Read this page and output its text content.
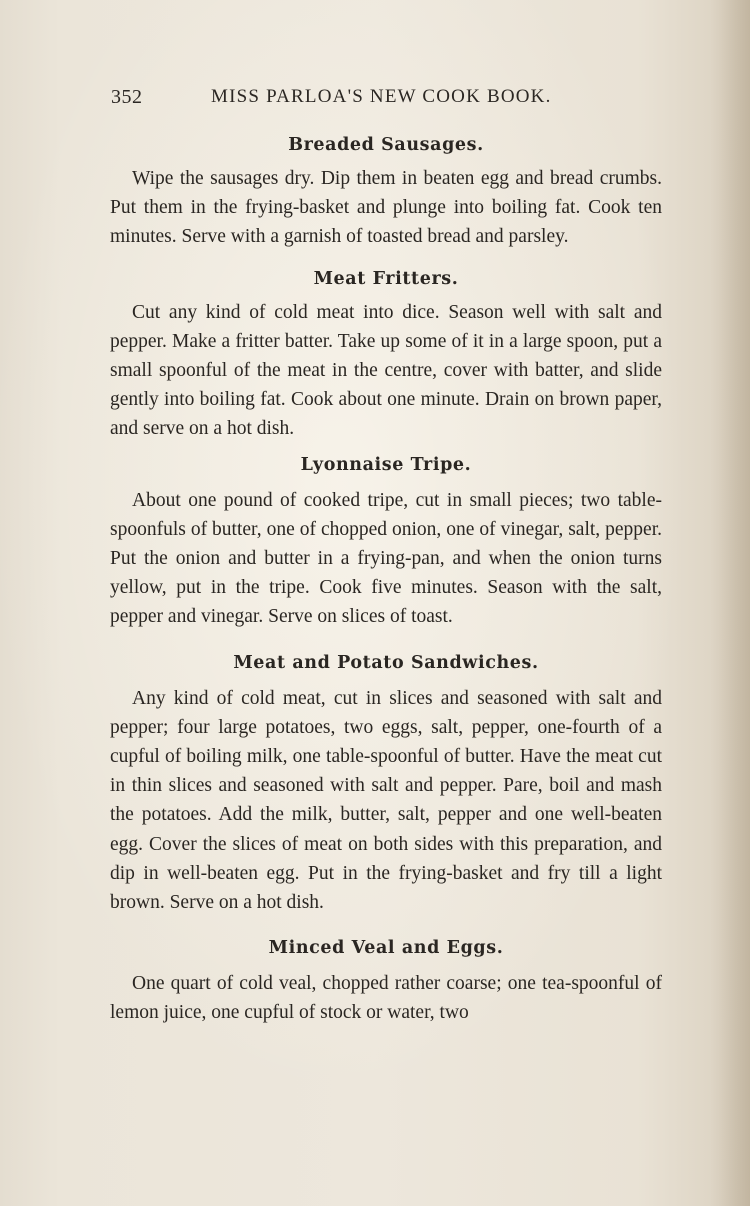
352	MISS PARLOA'S NEW COOK BOOK.
Breaded Sausages.

Wipe the sausages dry. Dip them in beaten egg and bread crumbs. Put them in the frying-basket and plunge into boiling fat. Cook ten minutes. Serve with a garnish of toasted bread and parsley.

Meat Fritters.

Cut any kind of cold meat into dice. Season well with salt and pepper. Make a fritter batter. Take up some of it in a large spoon, put a small spoonful of the meat in the centre, cover with batter, and slide gently into boiling fat. Cook about one minute. Drain on brown paper, and serve on a hot dish.

Lyonnaise Tripe.

About one pound of cooked tripe, cut in small pieces; two table-spoonfuls of butter, one of chopped onion, one of vinegar, salt, pepper. Put the onion and butter in a frying-pan, and when the onion turns yellow, put in the tripe. Cook five minutes. Season with the salt, pepper and vinegar. Serve on slices of toast.

Meat and Potato Sandwiches.

Any kind of cold meat, cut in slices and seasoned with salt and pepper; four large potatoes, two eggs, salt, pepper, one-fourth of a cupful of boiling milk, one table-spoonful of butter. Have the meat cut in thin slices and seasoned with salt and pepper. Pare, boil and mash the potatoes. Add the milk, butter, salt, pepper and one well-beaten egg. Cover the slices of meat on both sides with this preparation, and dip in well-beaten egg. Put in the frying-basket and fry till a light brown. Serve on a hot dish.

Minced Veal and Eggs.

One quart of cold veal, chopped rather coarse; one tea-spoonful of lemon juice, one cupful of stock or water, two
